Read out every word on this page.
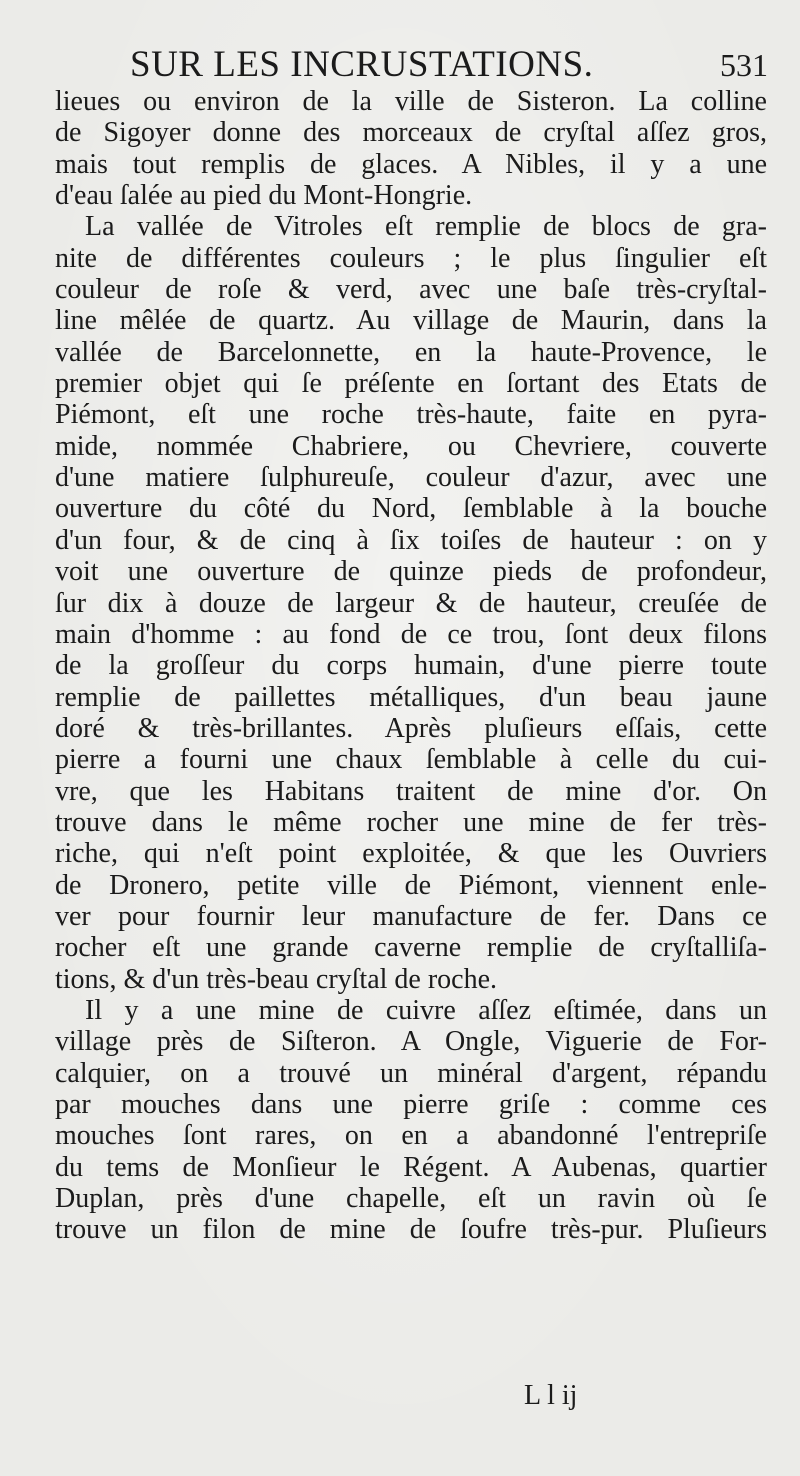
SUR LES INCRUSTATIONS.	531
lieues ou environ de la ville de Sisteron. La colline
de Sigoyer donne des morceaux de cryſtal aſſez gros,
mais tout remplis de glaces. A Nibles, il y a une
d'eau ſalée au pied du Mont-Hongrie.
La vallée de Vitroles eſt remplie de blocs de gra-
nite de différentes couleurs ; le plus ſingulier eſt
couleur de roſe & verd, avec une baſe très-cryſtal-
line mêlée de quartz. Au village de Maurin, dans la
vallée de Barcelonnette, en la haute-Provence, le
premier objet qui ſe préſente en ſortant des Etats de
Piémont, eſt une roche très-haute, faite en pyra-
mide, nommée Chabriere, ou Chevriere, couverte
d'une matiere ſulphureuſe, couleur d'azur, avec une
ouverture du côté du Nord, ſemblable à la bouche
d'un four, & de cinq à ſix toiſes de hauteur : on y
voit une ouverture de quinze pieds de profondeur,
ſur dix à douze de largeur & de hauteur, creuſée de
main d'homme : au fond de ce trou, ſont deux filons
de la groſſeur du corps humain, d'une pierre toute
remplie de paillettes métalliques, d'un beau jaune
doré & très-brillantes. Après pluſieurs eſſais, cette
pierre a fourni une chaux ſemblable à celle du cui-
vre, que les Habitans traitent de mine d'or. On
trouve dans le même rocher une mine de fer très-
riche, qui n'eſt point exploitée, & que les Ouvriers
de Dronero, petite ville de Piémont, viennent enle-
ver pour fournir leur manufacture de fer. Dans ce
rocher eſt une grande caverne remplie de cryſtalliſa-
tions, & d'un très-beau cryſtal de roche.
Il y a une mine de cuivre aſſez eſtimée, dans un
village près de Siſteron. A Ongle, Viguerie de For-
calquier, on a trouvé un minéral d'argent, répandu
par mouches dans une pierre griſe : comme ces
mouches ſont rares, on en a abandonné l'entrepriſe
du tems de Monſieur le Régent. A Aubenas, quartier
Duplan, près d'une chapelle, eſt un ravin où ſe
trouve un filon de mine de ſoufre très-pur. Pluſieurs
L l ij
